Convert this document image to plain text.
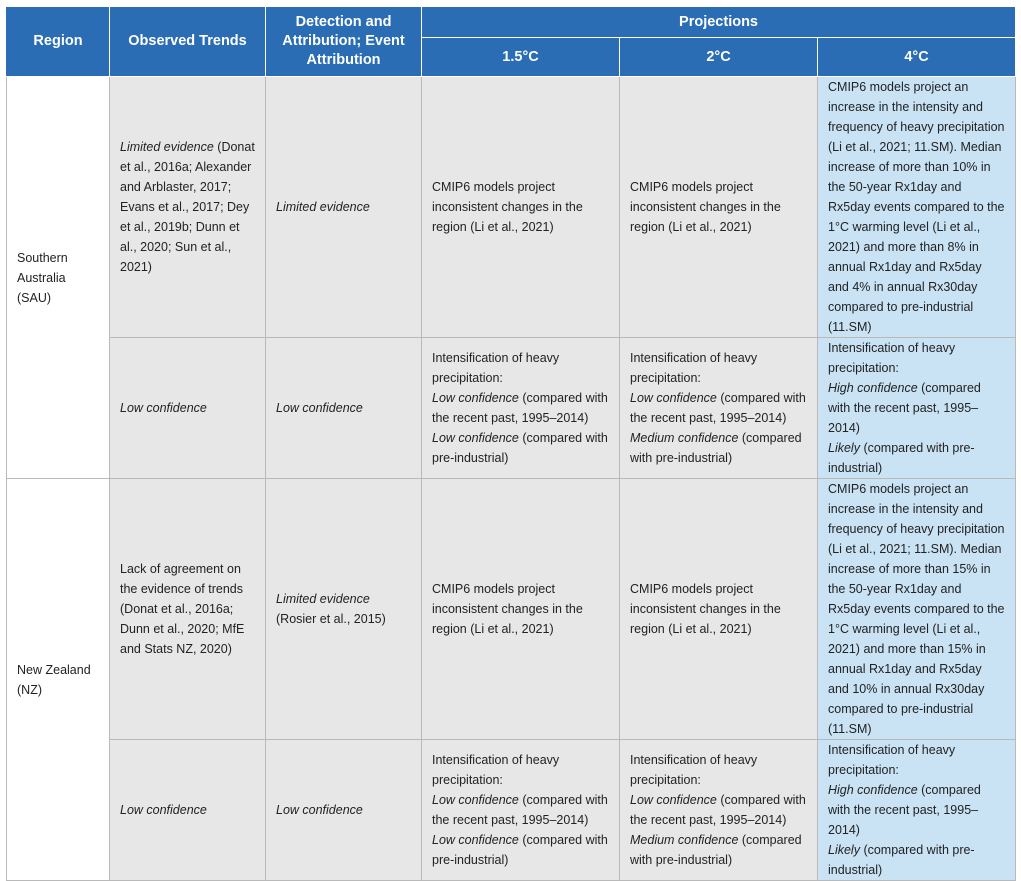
Region	Observed Trends	Detection and Attribution; Event Attribution	Projections		
			1.5°C	2°C	4°C
Southern Australia (SAU)	Limited evidence (Donat et al., 2016a; Alexander and Arblaster, 2017; Evans et al., 2017; Dey et al., 2019b; Dunn et al., 2020; Sun et al., 2021)	Limited evidence	CMIP6 models project inconsistent changes in the region (Li et al., 2021)	CMIP6 models project inconsistent changes in the region (Li et al., 2021)	CMIP6 models project an increase in the intensity and frequency of heavy precipitation (Li et al., 2021; 11.SM). Median increase of more than 10% in the 50-year Rx1day and Rx5day events compared to the 1°C warming level (Li et al., 2021) and more than 8% in annual Rx1day and Rx5day and 4% in annual Rx30day compared to pre-industrial (11.SM)
	Low confidence	Low confidence	Intensification of heavy precipitation:
Low confidence (compared with the recent past, 1995–2014)
Low confidence (compared with pre-industrial)	Intensification of heavy precipitation:
Low confidence (compared with the recent past, 1995–2014)
Medium confidence (compared with pre-industrial)	Intensification of heavy precipitation:
High confidence (compared with the recent past, 1995–2014)
Likely (compared with pre-industrial)

New Zealand (NZ)	Lack of agreement on the evidence of trends (Donat et al., 2016a; Dunn et al., 2020; MfE and Stats NZ, 2020)	Limited evidence (Rosier et al., 2015)	CMIP6 models project inconsistent changes in the region (Li et al., 2021)	CMIP6 models project inconsistent changes in the region (Li et al., 2021)	CMIP6 models project an increase in the intensity and frequency of heavy precipitation (Li et al., 2021; 11.SM). Median increase of more than 15% in the 50-year Rx1day and Rx5day events compared to the 1°C warming level (Li et al., 2021) and more than 15% in annual Rx1day and Rx5day and 10% in annual Rx30day compared to pre-industrial (11.SM)
	Low confidence	Low confidence	Intensification of heavy precipitation:
Low confidence (compared with the recent past, 1995–2014)
Low confidence (compared with pre-industrial)	Intensification of heavy precipitation:
Low confidence (compared with the recent past, 1995–2014)
Medium confidence (compared with pre-industrial)	Intensification of heavy precipitation:
High confidence (compared with the recent past, 1995–2014)
Likely (compared with pre-industrial)
